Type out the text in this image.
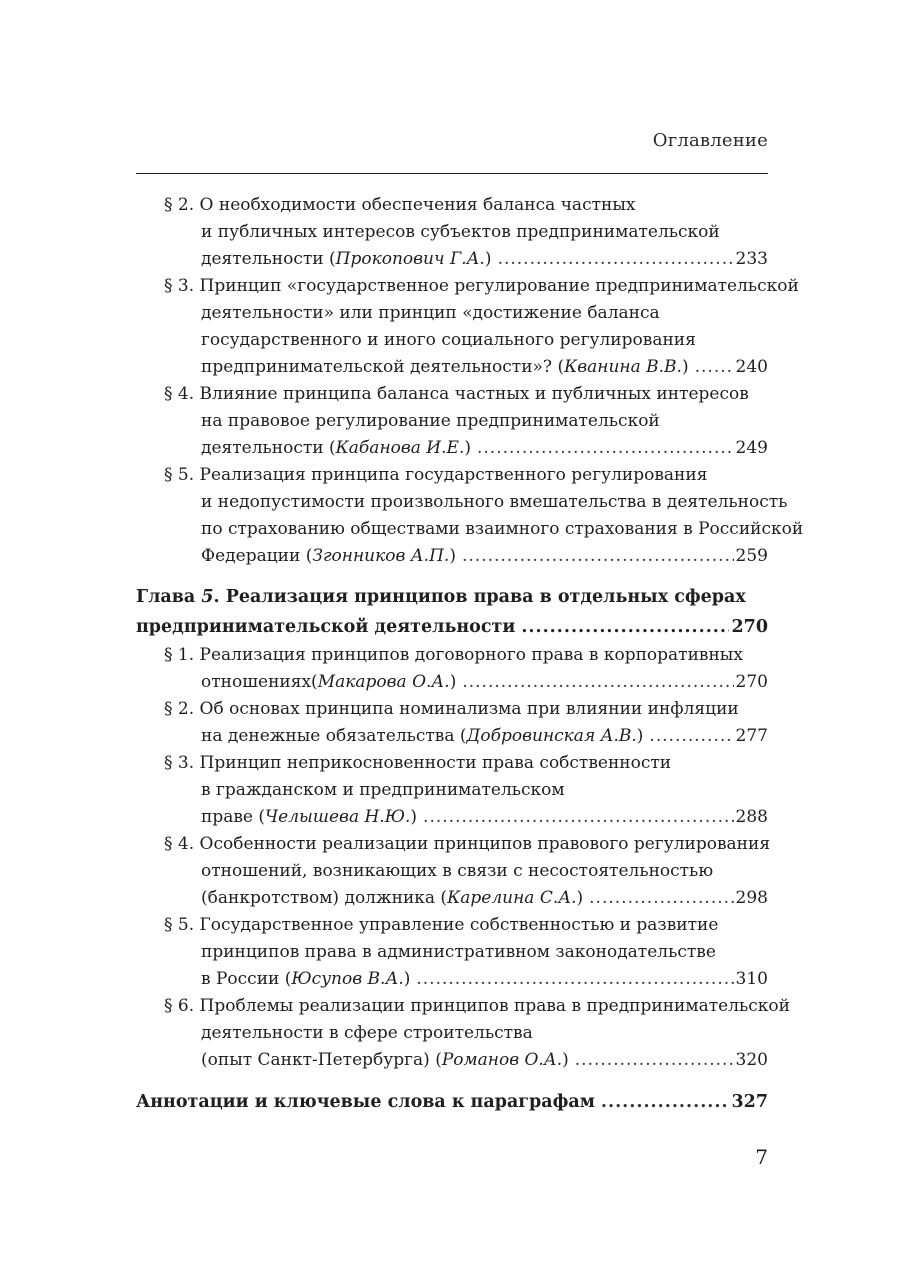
Оглавление
§ 2. О необходимости обеспечения баланса частных
и публичных интересов субъектов предпринимательской
деятельности (Прокопович Г.А.) .....	233
§ 3. Принцип «государственное регулирование предпринимательской
деятельности» или принцип «достижение баланса
государственного и иного социального регулирования
предпринимательской деятельности»? (Кванина В.В.) .....	240
§ 4. Влияние принципа баланса частных и публичных интересов
на правовое регулирование предпринимательской
деятельности (Кабанова И.Е.) .....	249
§ 5. Реализация принципа государственного регулирования
и недопустимости произвольного вмешательства в деятельность
по страхованию обществами взаимного страхования в Российской
Федерации (Згонников А.П.) .....	259
Глава 5. Реализация принципов права в отдельных сферах
предпринимательской деятельности .....	270
§ 1. Реализация принципов договорного права в корпоративных
отношениях(Макарова О.А.) .....	270
§ 2. Об основах принципа номинализма при влиянии инфляции
на денежные обязательства (Добровинская А.В.) .....	277
§ 3. Принцип неприкосновенности права собственности
в гражданском и предпринимательском
праве (Челышева Н.Ю.) .....	288
§ 4. Особенности реализации принципов правового регулирования
отношений, возникающих в связи с несостоятельностью
(банкротством) должника (Карелина С.А.) .....	298
§ 5. Государственное управление собственностью и развитие
принципов права в административном законодательстве
в России (Юсупов В.А.) .....	310
§ 6. Проблемы реализации принципов права в предпринимательской
деятельности в сфере строительства
(опыт Санкт-Петербурга) (Романов О.А.) .....	320
Аннотации и ключевые слова к параграфам .....	327
7
